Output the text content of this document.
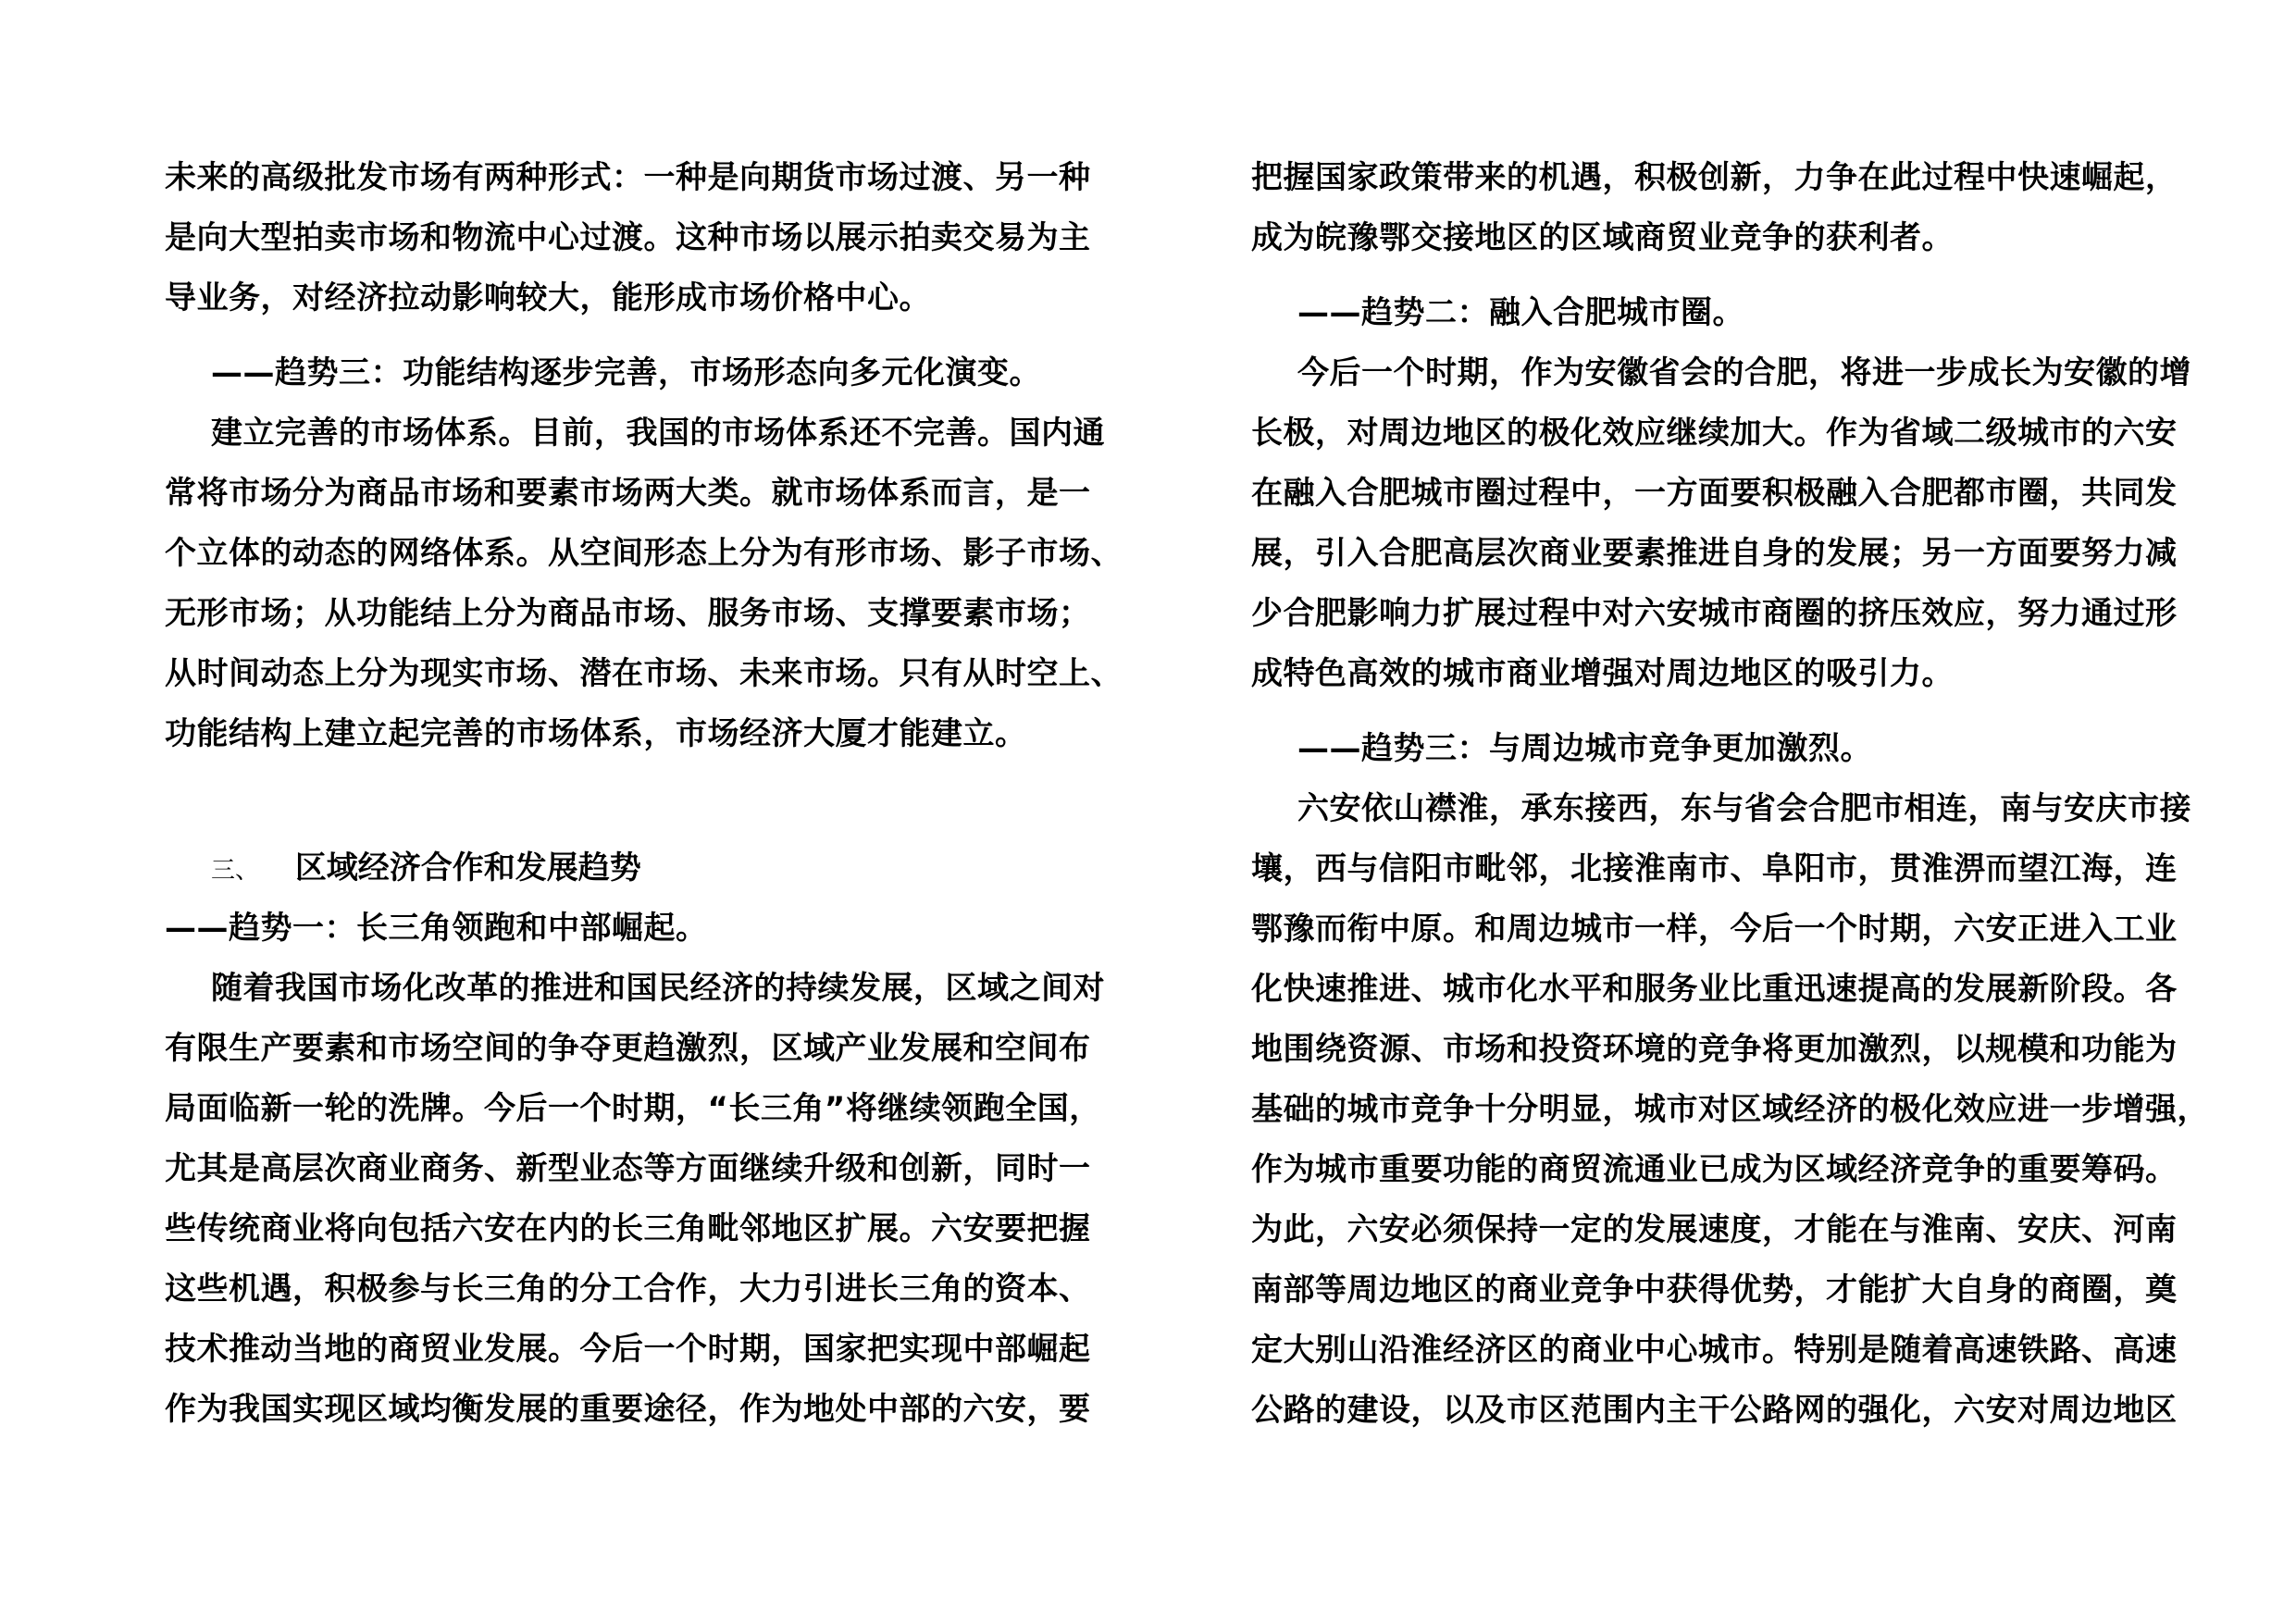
未来的高级批发市场有两种形式：一种是向期货市场过渡、另一种
是向大型拍卖市场和物流中心过渡。这种市场以展示拍卖交易为主
导业务，对经济拉动影响较大，能形成市场价格中心。
——趋势三：功能结构逐步完善，市场形态向多元化演变。
建立完善的市场体系。目前，我国的市场体系还不完善。国内通
常将市场分为商品市场和要素市场两大类。就市场体系而言，是一
个立体的动态的网络体系。从空间形态上分为有形市场、影子市场、
无形市场；从功能结上分为商品市场、服务市场、支撑要素市场；
从时间动态上分为现实市场、潜在市场、未来市场。只有从时空上、
功能结构上建立起完善的市场体系，市场经济大厦才能建立。
三、 区域经济合作和发展趋势
——趋势一：长三角领跑和中部崛起。
随着我国市场化改革的推进和国民经济的持续发展，区域之间对
有限生产要素和市场空间的争夺更趋激烈，区域产业发展和空间布
局面临新一轮的洗牌。今后一个时期，“长三角”将继续领跑全国，
尤其是高层次商业商务、新型业态等方面继续升级和创新，同时一
些传统商业将向包括六安在内的长三角毗邻地区扩展。六安要把握
这些机遇，积极参与长三角的分工合作，大力引进长三角的资本、
技术推动当地的商贸业发展。今后一个时期，国家把实现中部崛起
作为我国实现区域均衡发展的重要途径，作为地处中部的六安，要
把握国家政策带来的机遇，积极创新，力争在此过程中快速崛起，
成为皖豫鄂交接地区的区域商贸业竞争的获利者。
——趋势二：融入合肥城市圈。
今后一个时期，作为安徽省会的合肥，将进一步成长为安徽的增
长极，对周边地区的极化效应继续加大。作为省域二级城市的六安
在融入合肥城市圈过程中，一方面要积极融入合肥都市圈，共同发
展，引入合肥高层次商业要素推进自身的发展；另一方面要努力减
少合肥影响力扩展过程中对六安城市商圈的挤压效应，努力通过形
成特色高效的城市商业增强对周边地区的吸引力。
——趋势三：与周边城市竞争更加激烈。
六安依山襟淮，承东接西，东与省会合肥市相连，南与安庆市接
壤，西与信阳市毗邻，北接淮南市、阜阳市，贯淮淠而望江海，连
鄂豫而衔中原。和周边城市一样，今后一个时期，六安正进入工业
化快速推进、城市化水平和服务业比重迅速提高的发展新阶段。各
地围绕资源、市场和投资环境的竞争将更加激烈，以规模和功能为
基础的城市竞争十分明显，城市对区域经济的极化效应进一步增强，
作为城市重要功能的商贸流通业已成为区域经济竞争的重要筹码。
为此，六安必须保持一定的发展速度，才能在与淮南、安庆、河南
南部等周边地区的商业竞争中获得优势，才能扩大自身的商圈，奠
定大别山沿淮经济区的商业中心城市。特别是随着高速铁路、高速
公路的建设，以及市区范围内主干公路网的强化，六安对周边地区
